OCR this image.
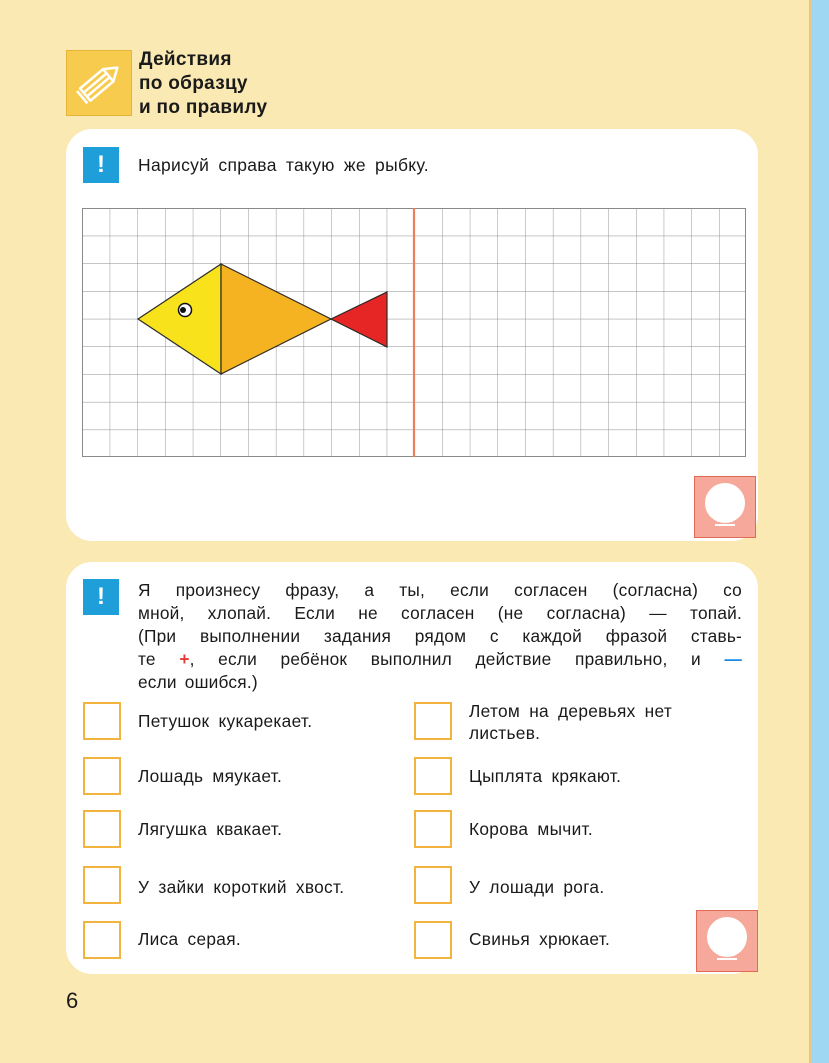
Действия
по образцу
и по правилу
!	Нарисуй справа такую же рыбку.
!	Я произнесу фразу, а ты, если согласен (согласна) со
мной, хлопай. Если не согласен (не согласна) — топай.
(При выполнении задания рядом с каждой фразой ставь-
те +, если ребёнок выполнил действие правильно, и —
если ошибся.)
Петушок кукарекает.
Лошадь мяукает.
Лягушка квакает.
У зайки короткий хвост.
Лиса серая.
Летом на деревьях нет листьев.
Цыплята крякают.
Корова мычит.
У лошади рога.
Свинья хрюкает.
6
